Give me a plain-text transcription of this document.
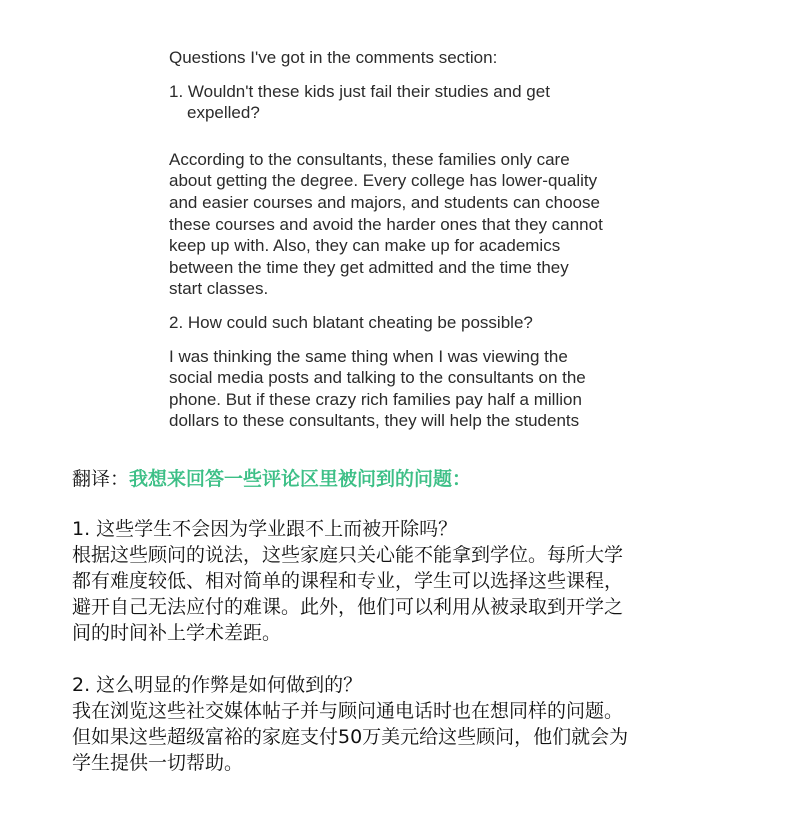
Questions I've got in the comments section:

1. Wouldn't these kids just fail their studies and get

expelled?

According to the consultants, these families only care

about getting the degree. Every college has lower-quality

and easier courses and majors, and students can choose

these courses and avoid the harder ones that they cannot

keep up with. Also, they can make up for academics

between the time they get admitted and the time they

start classes.

2. How could such blatant cheating be possible?

I was thinking the same thing when I was viewing the

social media posts and talking to the consultants on the

phone. But if these crazy rich families pay half a million

dollars to these consultants, they will help the students

翻译：我想来回答一些评论区里被问到的问题：

1. 这些学生不会因为学业跟不上而被开除吗？

根据这些顾问的说法，这些家庭只关心能不能拿到学位。每所大学

都有难度较低、相对简单的课程和专业，学生可以选择这些课程，

避开自己无法应付的难课。此外，他们可以利用从被录取到开学之

间的时间补上学术差距。

2. 这么明显的作弊是如何做到的？

我在浏览这些社交媒体帖子并与顾问通电话时也在想同样的问题。

但如果这些超级富裕的家庭支付50万美元给这些顾问，他们就会为

学生提供一切帮助。
